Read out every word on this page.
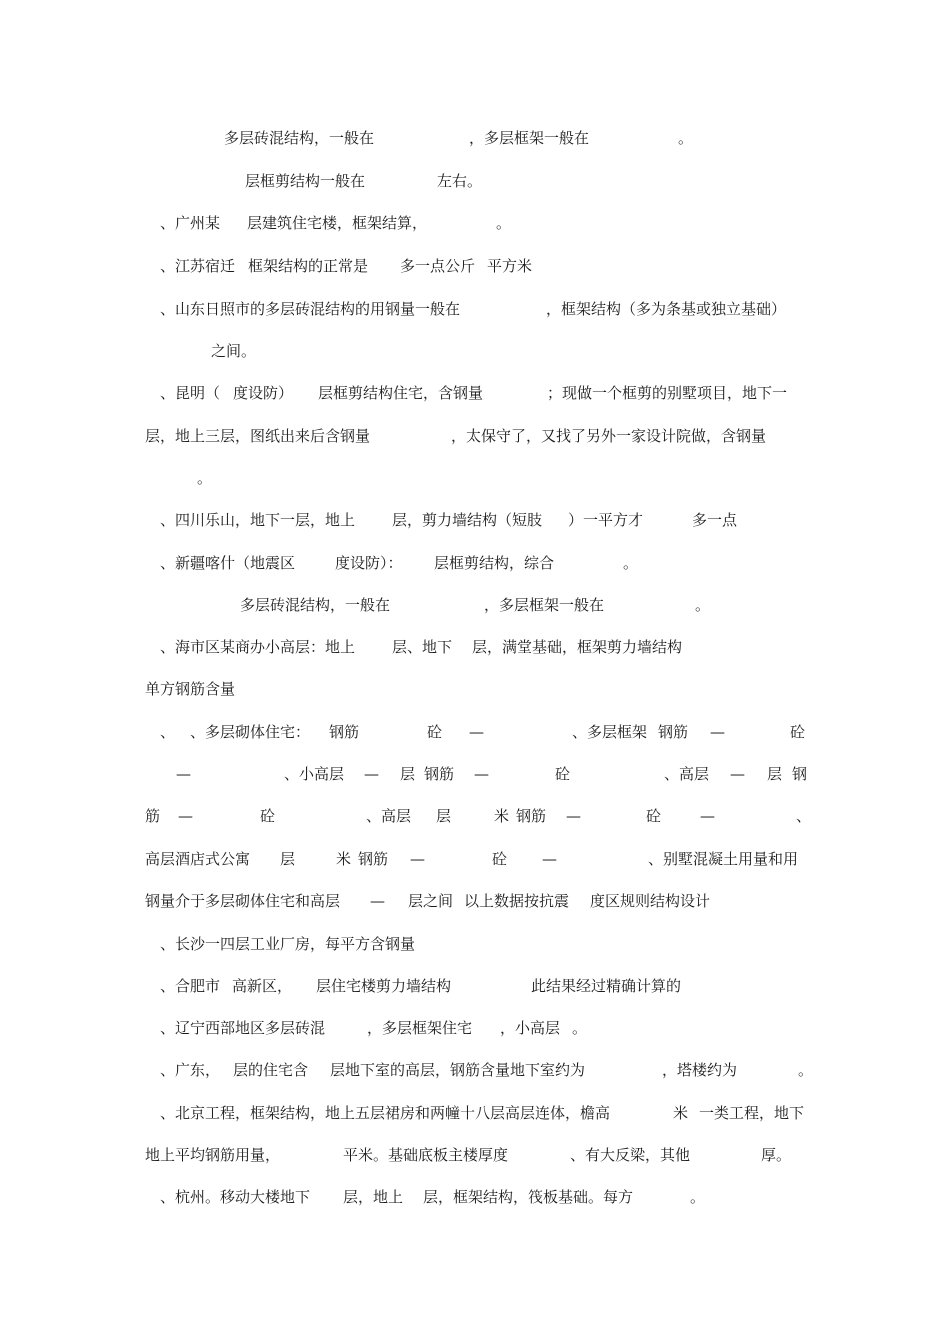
多层砖混结构，一般在	，多层框架一般在	。
层框剪结构一般在	左右。
、广州某 层建筑住宅楼，框架结算，	。
、江苏宿迁 框架结构的正常是 多一点公斤 平方米
、山东日照市的多层砖混结构的用钢量一般在	，框架结构（多为条基或独立基础）
之间。
、昆明（ 度设防） 层框剪结构住宅，含钢量	；现做一个框剪的别墅项目，地下一
层，地上三层，图纸出来后含钢量	，太保守了，又找了另外一家设计院做，含钢量
。
、四川乐山，地下一层，地上 层，剪力墙结构（短肢 ）一平方才	多一点
、新疆喀什（地震区	度设防）： 层框剪结构，综合	。
多层砖混结构，一般在	，多层框架一般在	。
、海市区某商办小高层：地上 层、地下 层，满堂基础，框架剪力墙结构
单方钢筋含量
、 、多层砌体住宅： 钢筋	砼 —	、多层框架 钢筋 —	砼
—	、小高层 — 层 钢筋 —	砼	、高层 — 层 钢
筋 —	砼	、高层 层	米 钢筋 —	砼	—	、
高层酒店式公寓 层	米 钢筋 —	砼 —	、别墅混凝土用量和用
钢量介于多层砌体住宅和高层 — 层之间 以上数据按抗震 度区规则结构设计
、长沙一四层工业厂房，每平方含钢量
、合肥市 高新区， 层住宅楼剪力墙结构	此结果经过精确计算的
、辽宁西部地区多层砖混	，多层框架住宅 ，小高层 。
、广东， 层的住宅含 层地下室的高层，钢筋含量地下室约为	，塔楼约为	。
、北京工程，框架结构，地上五层裙房和两幢十八层高层连体，檐高	米 一类工程，地下
地上平均钢筋用量，	平米。基础底板主楼厚度	、有大反梁，其他	厚。
、杭州。移动大楼地下 层，地上 层，框架结构，筏板基础。每方	。
